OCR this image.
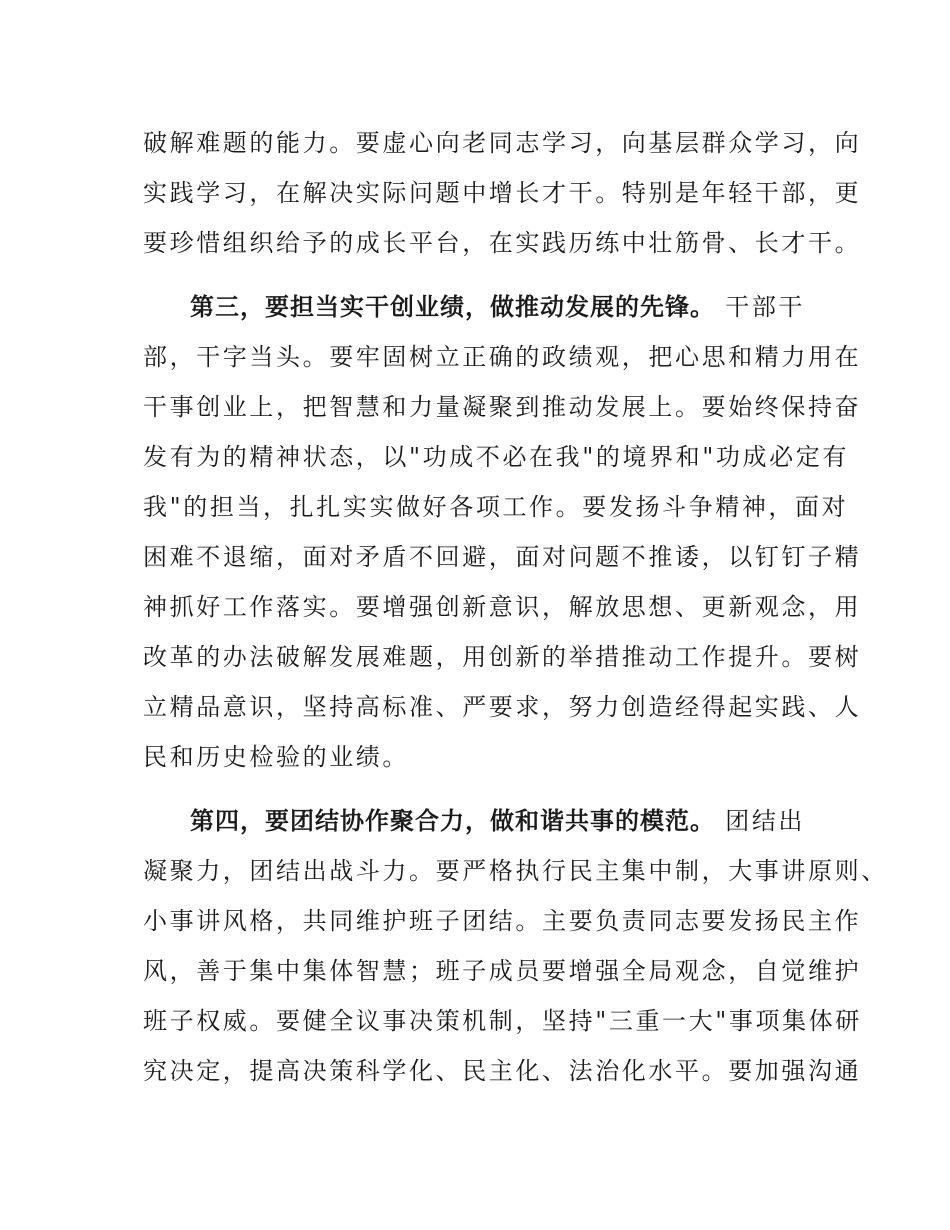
破解难题的能力。要虚心向老同志学习，向基层群众学习，向
实践学习，在解决实际问题中增长才干。特别是年轻干部，更
要珍惜组织给予的成长平台，在实践历练中壮筋骨、长才干。
第三，要担当实干创业绩，做推动发展的先锋。 干部干
部，干字当头。要牢固树立正确的政绩观，把心思和精力用在
干事创业上，把智慧和力量凝聚到推动发展上。要始终保持奋
发有为的精神状态，以"功成不必在我"的境界和"功成必定有
我"的担当，扎扎实实做好各项工作。要发扬斗争精神，面对
困难不退缩，面对矛盾不回避，面对问题不推诿，以钉钉子精
神抓好工作落实。要增强创新意识，解放思想、更新观念，用
改革的办法破解发展难题，用创新的举措推动工作提升。要树
立精品意识，坚持高标准、严要求，努力创造经得起实践、人
民和历史检验的业绩。
第四，要团结协作聚合力，做和谐共事的模范。 团结出
凝聚力，团结出战斗力。要严格执行民主集中制，大事讲原则、
小事讲风格，共同维护班子团结。主要负责同志要发扬民主作
风，善于集中集体智慧；班子成员要增强全局观念，自觉维护
班子权威。要健全议事决策机制，坚持"三重一大"事项集体研
究决定，提高决策科学化、民主化、法治化水平。要加强沟通
